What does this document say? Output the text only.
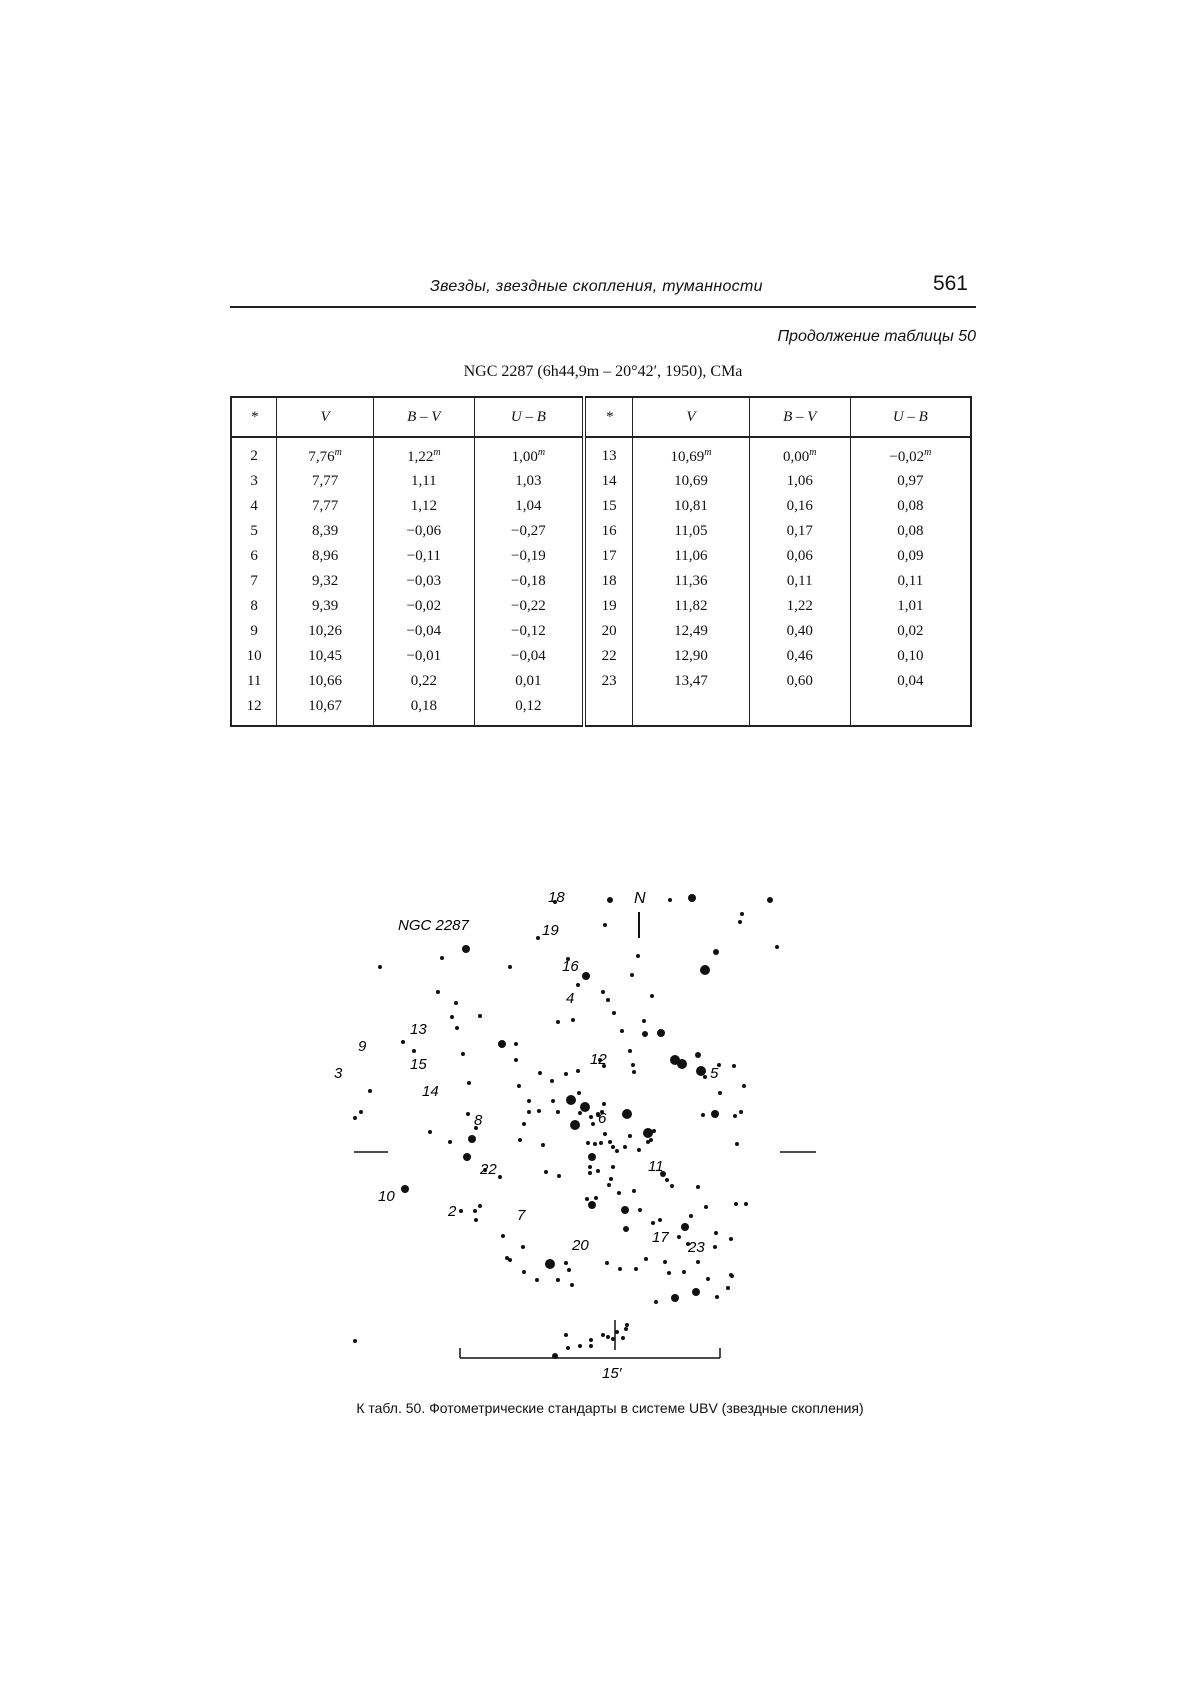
Звезды, звездные скопления, туманности	561
Продолжение таблицы 50
NGC 2287 (6h44,9m – 20°42′, 1950), CMa
*	V	B – V	U – B	*	V	B – V	U – B
2	7,76$^m$	1,22$^m$	1,00$^m$	13	10,69$^m$	$0,00^m$	$-0,02^m$
3	7,77	1,11	1,03	14	10,69	1,06	0,97
4	7,77	1,12	1,04	15	10,81	0,16	0,08
5	8,39	−0,06	−0,27	16	11,05	0,17	0,08
6	8,96	−0,11	−0,19	17	11,06	0,06	0,09
7	9,32	−0,03	−0,18	18	11,36	0,11	0,11
8	9,39	−0,02	−0,22	19	11,82	1,22	1,01
9	10,26	−0,04	−0,12	20	12,49	0,40	0,02
10	10,45	−0,01	−0,04	22	12,90	0,46	0,10
11	10,66	0,22	0,01	23	13,47	0,60	0,04
12	10,67	0,18	0,12				
NGC 2287
N
15′
18
19
16
4
13
9
15
3
12
5
14
8	6
22	11
10
2	7
17
20	23
К табл. 50. Фотометрические стандарты в системе UBV (звездные скопления)
